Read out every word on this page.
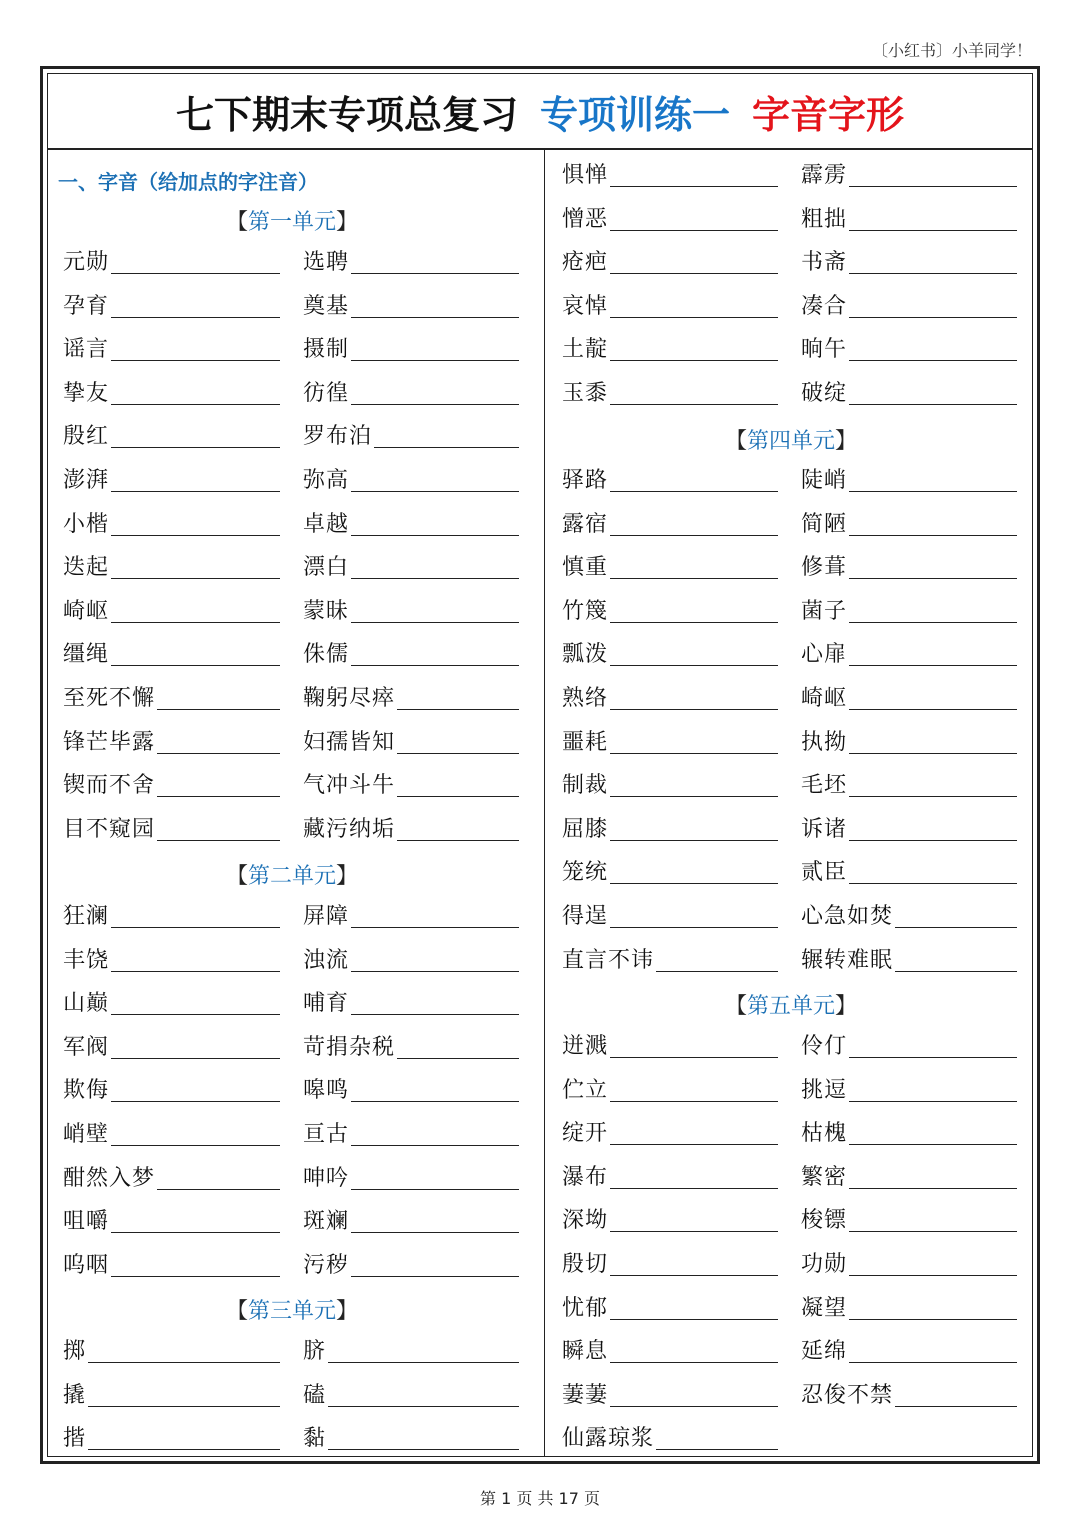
〔小红书〕小羊同学！
七下期末专项总复习 专项训练一 字音字形
一、字音（给加点的字注音）
【第一单元】
元勋	选聘
孕育	奠基
谣言	摄制
挚友	彷徨
殷红	罗布泊
澎湃	弥高
小楷	卓越
迭起	漂白
崎岖	蒙昧
缰绳	侏儒
至死不懈	鞠躬尽瘁
锋芒毕露	妇孺皆知
锲而不舍	气冲斗牛
目不窥园	藏污纳垢
【第二单元】
狂澜	屏障
丰饶	浊流
山巅	哺育
军阀	苛捐杂税
欺侮	嗥鸣
峭壁	亘古
酣然入梦	呻吟
咀嚼	斑斓
呜咽	污秽
【第三单元】
掷	脐
撬	磕
揩	黏
惧惮	霹雳
憎恶	粗拙
疮疤	书斋
哀悼	凑合
土靛	晌午
玉黍	破绽
【第四单元】
驿路	陡峭
露宿	简陋
慎重	修葺
竹篾	菌子
瓢泼	心扉
熟络	崎岖
噩耗	执拗
制裁	毛坯
屈膝	诉诸
笼统	贰臣
得逞	心急如焚
直言不讳	辗转难眠
【第五单元】
迸溅	伶仃
伫立	挑逗
绽开	枯槐
瀑布	繁密
深坳	梭镖
殷切	功勋
忧郁	凝望
瞬息	延绵
萋萋	忍俊不禁
仙露琼浆
第 1 页 共 17 页
